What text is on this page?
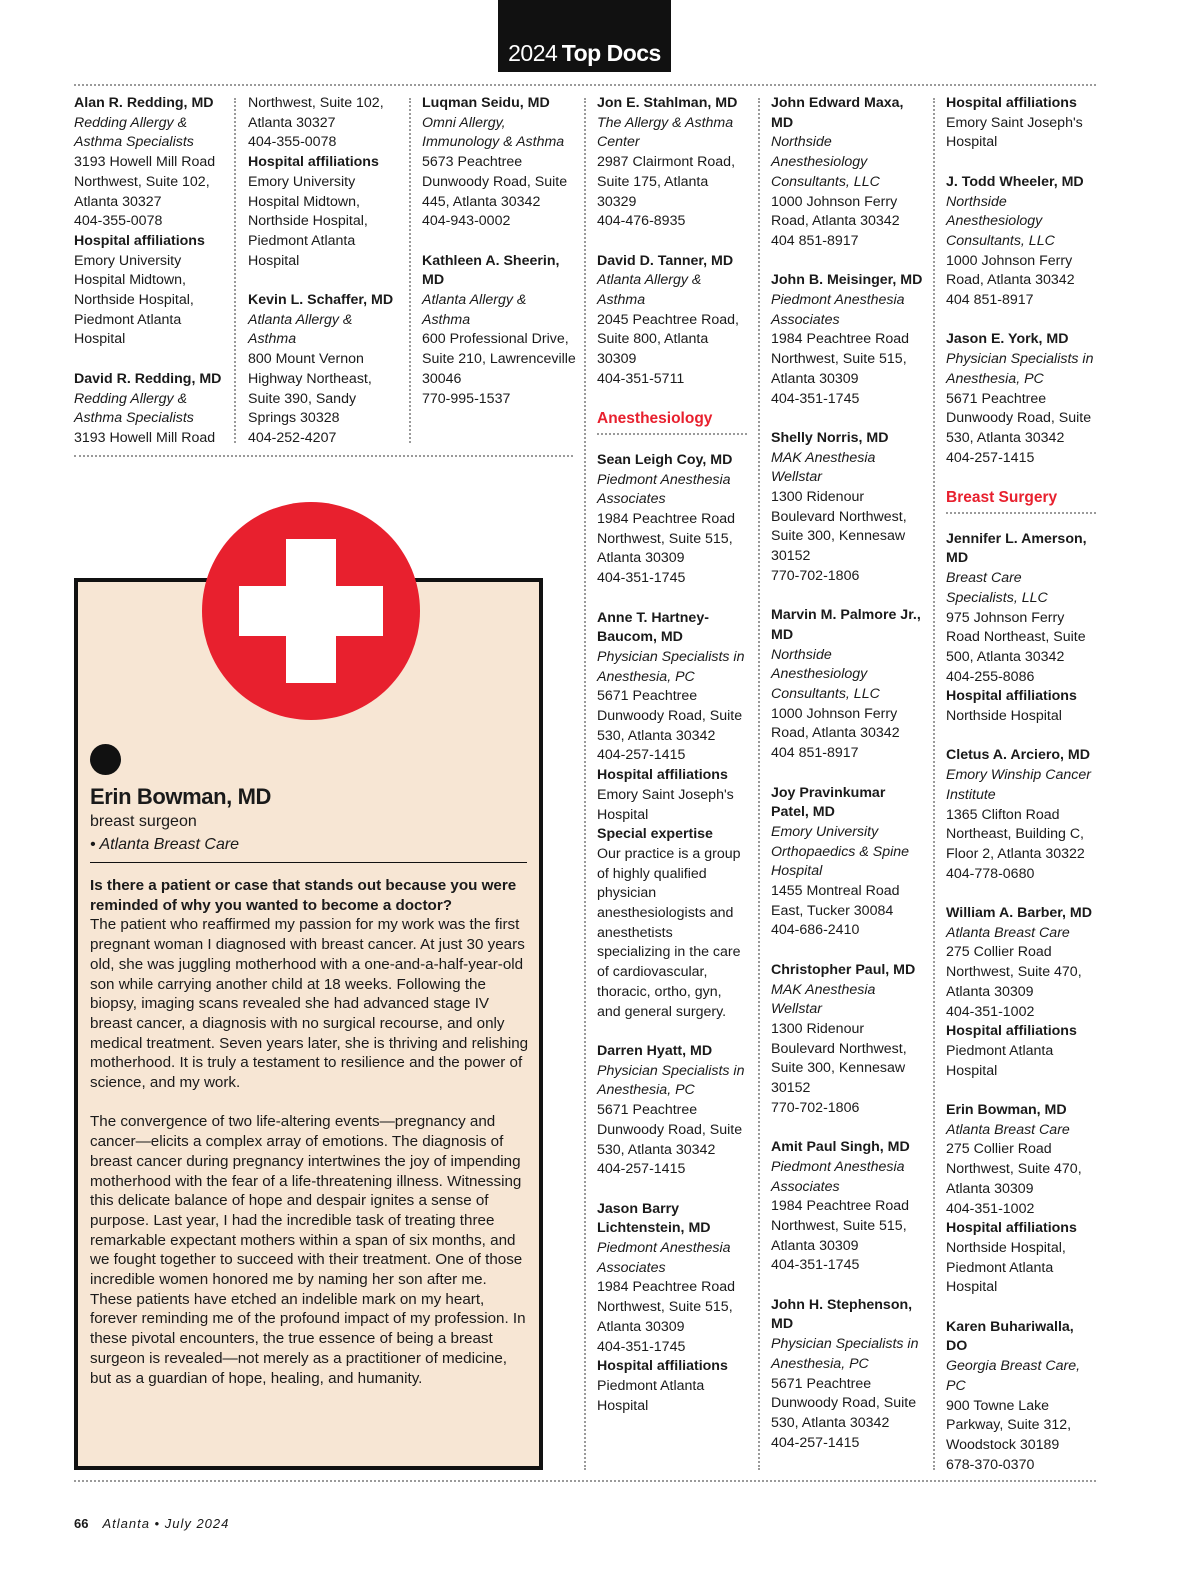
2024 Top Docs
Alan R. Redding, MD
Redding Allergy & Asthma Specialists
3193 Howell Mill Road Northwest, Suite 102, Atlanta 30327
404-355-0078
Hospital affiliations
Emory University Hospital Midtown, Northside Hospital, Piedmont Atlanta Hospital
David R. Redding, MD
Redding Allergy & Asthma Specialists
3193 Howell Mill Road
Northwest, Suite 102, Atlanta 30327
404-355-0078
Hospital affiliations
Emory University Hospital Midtown, Northside Hospital, Piedmont Atlanta Hospital
Kevin L. Schaffer, MD
Atlanta Allergy & Asthma
800 Mount Vernon Highway Northeast, Suite 390, Sandy Springs 30328
404-252-4207
Luqman Seidu, MD
Omni Allergy, Immunology & Asthma
5673 Peachtree Dunwoody Road, Suite 445, Atlanta 30342
404-943-0002
Kathleen A. Sheerin, MD
Atlanta Allergy & Asthma
600 Professional Drive, Suite 210, Lawrenceville 30046
770-995-1537
Jon E. Stahlman, MD
The Allergy & Asthma Center
2987 Clairmont Road, Suite 175, Atlanta 30329
404-476-8935
David D. Tanner, MD
Atlanta Allergy & Asthma
2045 Peachtree Road, Suite 800, Atlanta 30309
404-351-5711
Anesthesiology
Sean Leigh Coy, MD
Piedmont Anesthesia Associates
1984 Peachtree Road Northwest, Suite 515, Atlanta 30309
404-351-1745
Anne T. Hartney-Baucom, MD
Physician Specialists in Anesthesia, PC
5671 Peachtree Dunwoody Road, Suite 530, Atlanta 30342
404-257-1415
Hospital affiliations
Emory Saint Joseph's Hospital
Special expertise
Our practice is a group of highly qualified physician anesthesiologists and anesthetists specializing in the care of cardiovascular, thoracic, ortho, gyn, and general surgery.
Darren Hyatt, MD
Physician Specialists in Anesthesia, PC
5671 Peachtree Dunwoody Road, Suite 530, Atlanta 30342
404-257-1415
Jason Barry Lichtenstein, MD
Piedmont Anesthesia Associates
1984 Peachtree Road Northwest, Suite 515, Atlanta 30309
404-351-1745
Hospital affiliations
Piedmont Atlanta Hospital
John Edward Maxa, MD
Northside Anesthesiology Consultants, LLC
1000 Johnson Ferry Road, Atlanta 30342
404 851-8917
John B. Meisinger, MD
Piedmont Anesthesia Associates
1984 Peachtree Road Northwest, Suite 515, Atlanta 30309
404-351-1745
Shelly Norris, MD
MAK Anesthesia Wellstar
1300 Ridenour Boulevard Northwest, Suite 300, Kennesaw 30152
770-702-1806
Marvin M. Palmore Jr., MD
Northside Anesthesiology Consultants, LLC
1000 Johnson Ferry Road, Atlanta 30342
404 851-8917
Joy Pravinkumar Patel, MD
Emory University Orthopaedics & Spine Hospital
1455 Montreal Road East, Tucker 30084
404-686-2410
Christopher Paul, MD
MAK Anesthesia Wellstar
1300 Ridenour Boulevard Northwest, Suite 300, Kennesaw 30152
770-702-1806
Amit Paul Singh, MD
Piedmont Anesthesia Associates
1984 Peachtree Road Northwest, Suite 515, Atlanta 30309
404-351-1745
John H. Stephenson, MD
Physician Specialists in Anesthesia, PC
5671 Peachtree Dunwoody Road, Suite 530, Atlanta 30342
404-257-1415
Hospital affiliations
Emory Saint Joseph's Hospital
J. Todd Wheeler, MD
Northside Anesthesiology Consultants, LLC
1000 Johnson Ferry Road, Atlanta 30342
404 851-8917
Jason E. York, MD
Physician Specialists in Anesthesia, PC
5671 Peachtree Dunwoody Road, Suite 530, Atlanta 30342
404-257-1415
Breast Surgery
Jennifer L. Amerson, MD
Breast Care Specialists, LLC
975 Johnson Ferry Road Northeast, Suite 500, Atlanta 30342
404-255-8086
Hospital affiliations
Northside Hospital
Cletus A. Arciero, MD
Emory Winship Cancer Institute
1365 Clifton Road Northeast, Building C, Floor 2, Atlanta 30322
404-778-0680
William A. Barber, MD
Atlanta Breast Care
275 Collier Road Northwest, Suite 470, Atlanta 30309
404-351-1002
Hospital affiliations
Piedmont Atlanta Hospital
Erin Bowman, MD
Atlanta Breast Care
275 Collier Road Northwest, Suite 470, Atlanta 30309
404-351-1002
Hospital affiliations
Northside Hospital, Piedmont Atlanta Hospital
Karen Buhariwalla, DO
Georgia Breast Care, PC
900 Towne Lake Parkway, Suite 312, Woodstock 30189
678-370-0370
Erin Bowman, MD
breast surgeon
• Atlanta Breast Care

Is there a patient or case that stands out because you were reminded of why you wanted to become a doctor?

The patient who reaffirmed my passion for my work was the first pregnant woman I diagnosed with breast cancer. At just 30 years old, she was juggling motherhood with a one-and-a-half-year-old son while carrying another child at 18 weeks. Following the biopsy, imaging scans revealed she had advanced stage IV breast cancer, a diagnosis with no surgical recourse, and only medical treatment. Seven years later, she is thriving and relishing motherhood. It is truly a testament to resilience and the power of science, and my work.

The convergence of two life-altering events—pregnancy and cancer—elicits a complex array of emotions. The diagnosis of breast cancer during pregnancy intertwines the joy of impending motherhood with the fear of a life-threatening illness. Witnessing this delicate balance of hope and despair ignites a sense of purpose. Last year, I had the incredible task of treating three remarkable expectant mothers within a span of six months, and we fought together to succeed with their treatment. One of those incredible women honored me by naming her son after me. These patients have etched an indelible mark on my heart, forever reminding me of the profound impact of my profession. In these pivotal encounters, the true essence of being a breast surgeon is revealed—not merely as a practitioner of medicine, but as a guardian of hope, healing, and humanity.

66 Atlanta • July 2024
